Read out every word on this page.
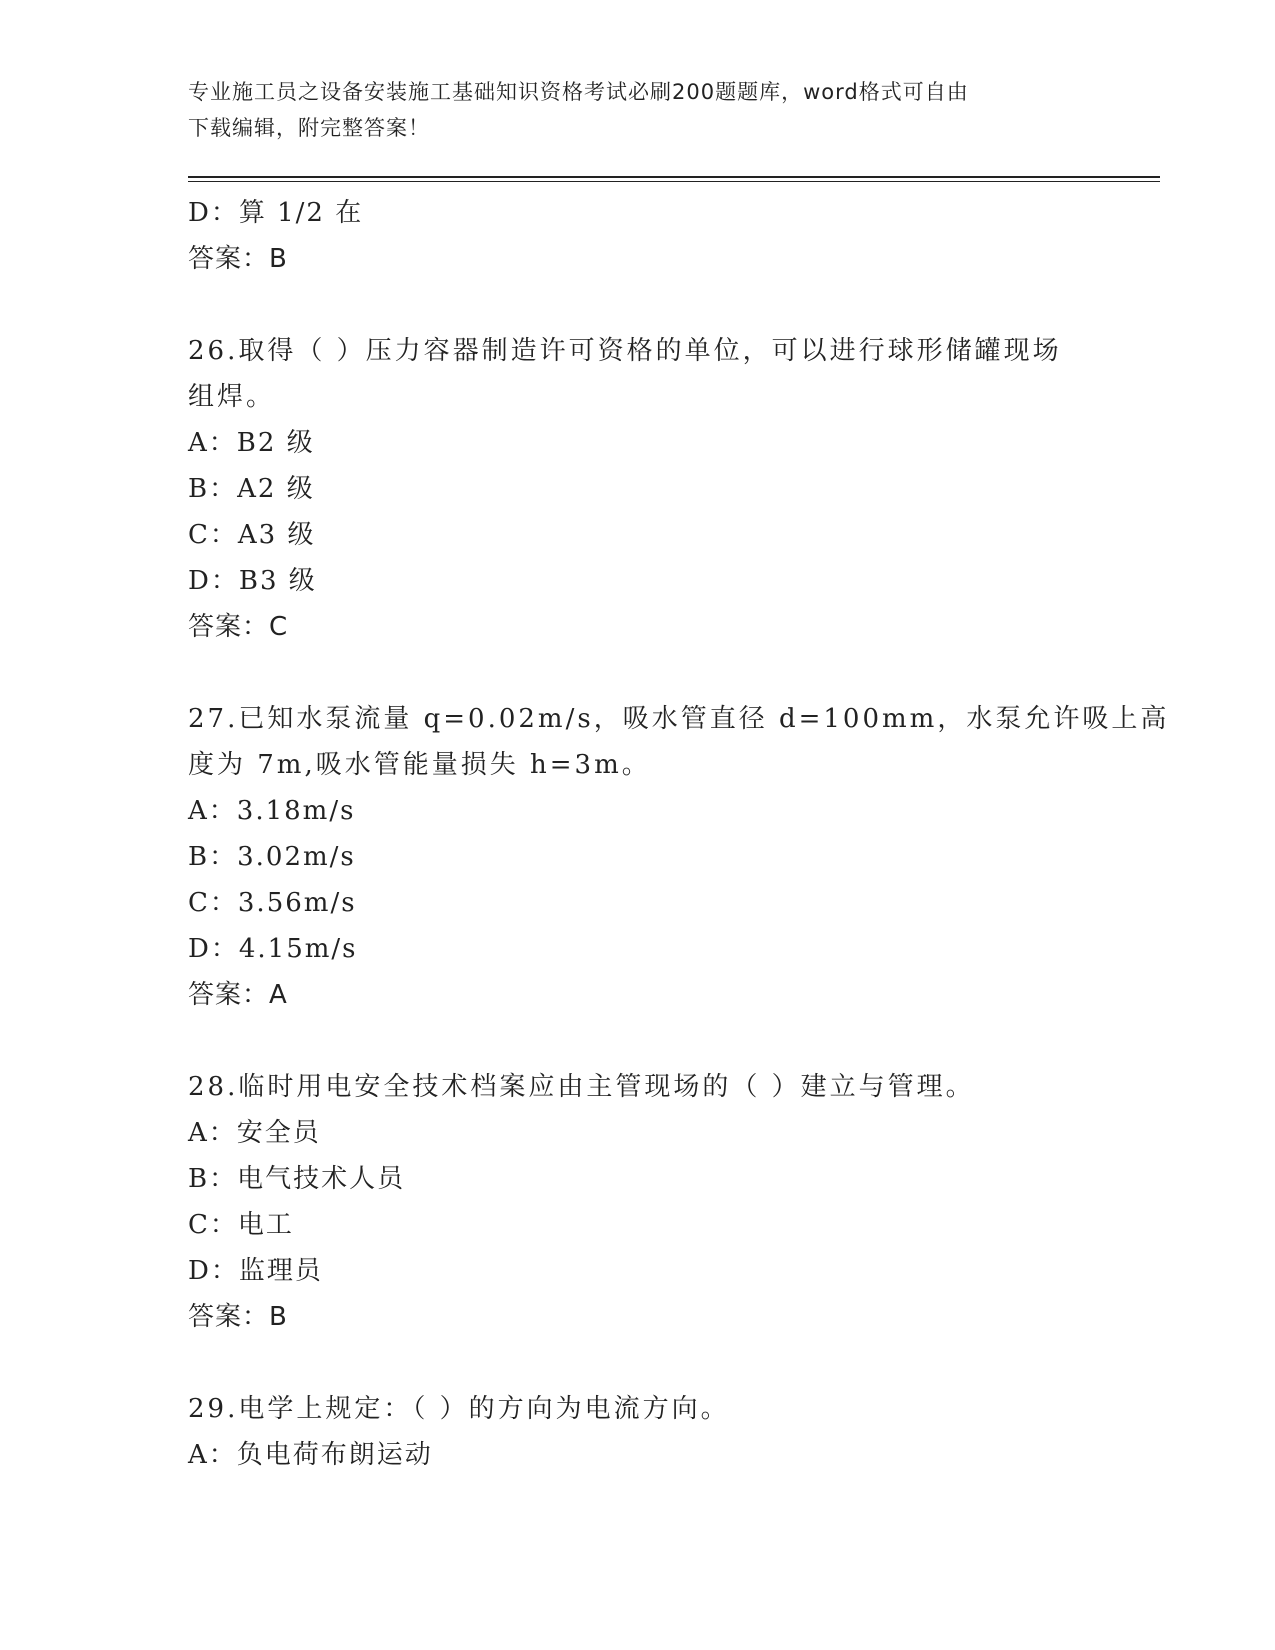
专业施工员之设备安装施工基础知识资格考试必刷200题题库，word格式可自由
下载编辑，附完整答案！
D：算 1/2 在
答案：B
26.取得（ ）压力容器制造许可资格的单位，可以进行球形储罐现场
组焊。
A：B2 级
B：A2 级
C：A3 级
D：B3 级
答案：C
27.已知水泵流量 q=0.02m/s，吸水管直径 d=100mm，水泵允许吸上高
度为 7m,吸水管能量损失 h=3m。
A：3.18m/s
B：3.02m/s
C：3.56m/s
D：4.15m/s
答案：A
28.临时用电安全技术档案应由主管现场的（ ）建立与管理。
A：安全员
B：电气技术人员
C：电工
D：监理员
答案：B
29.电学上规定：（ ）的方向为电流方向。
A：负电荷布朗运动
